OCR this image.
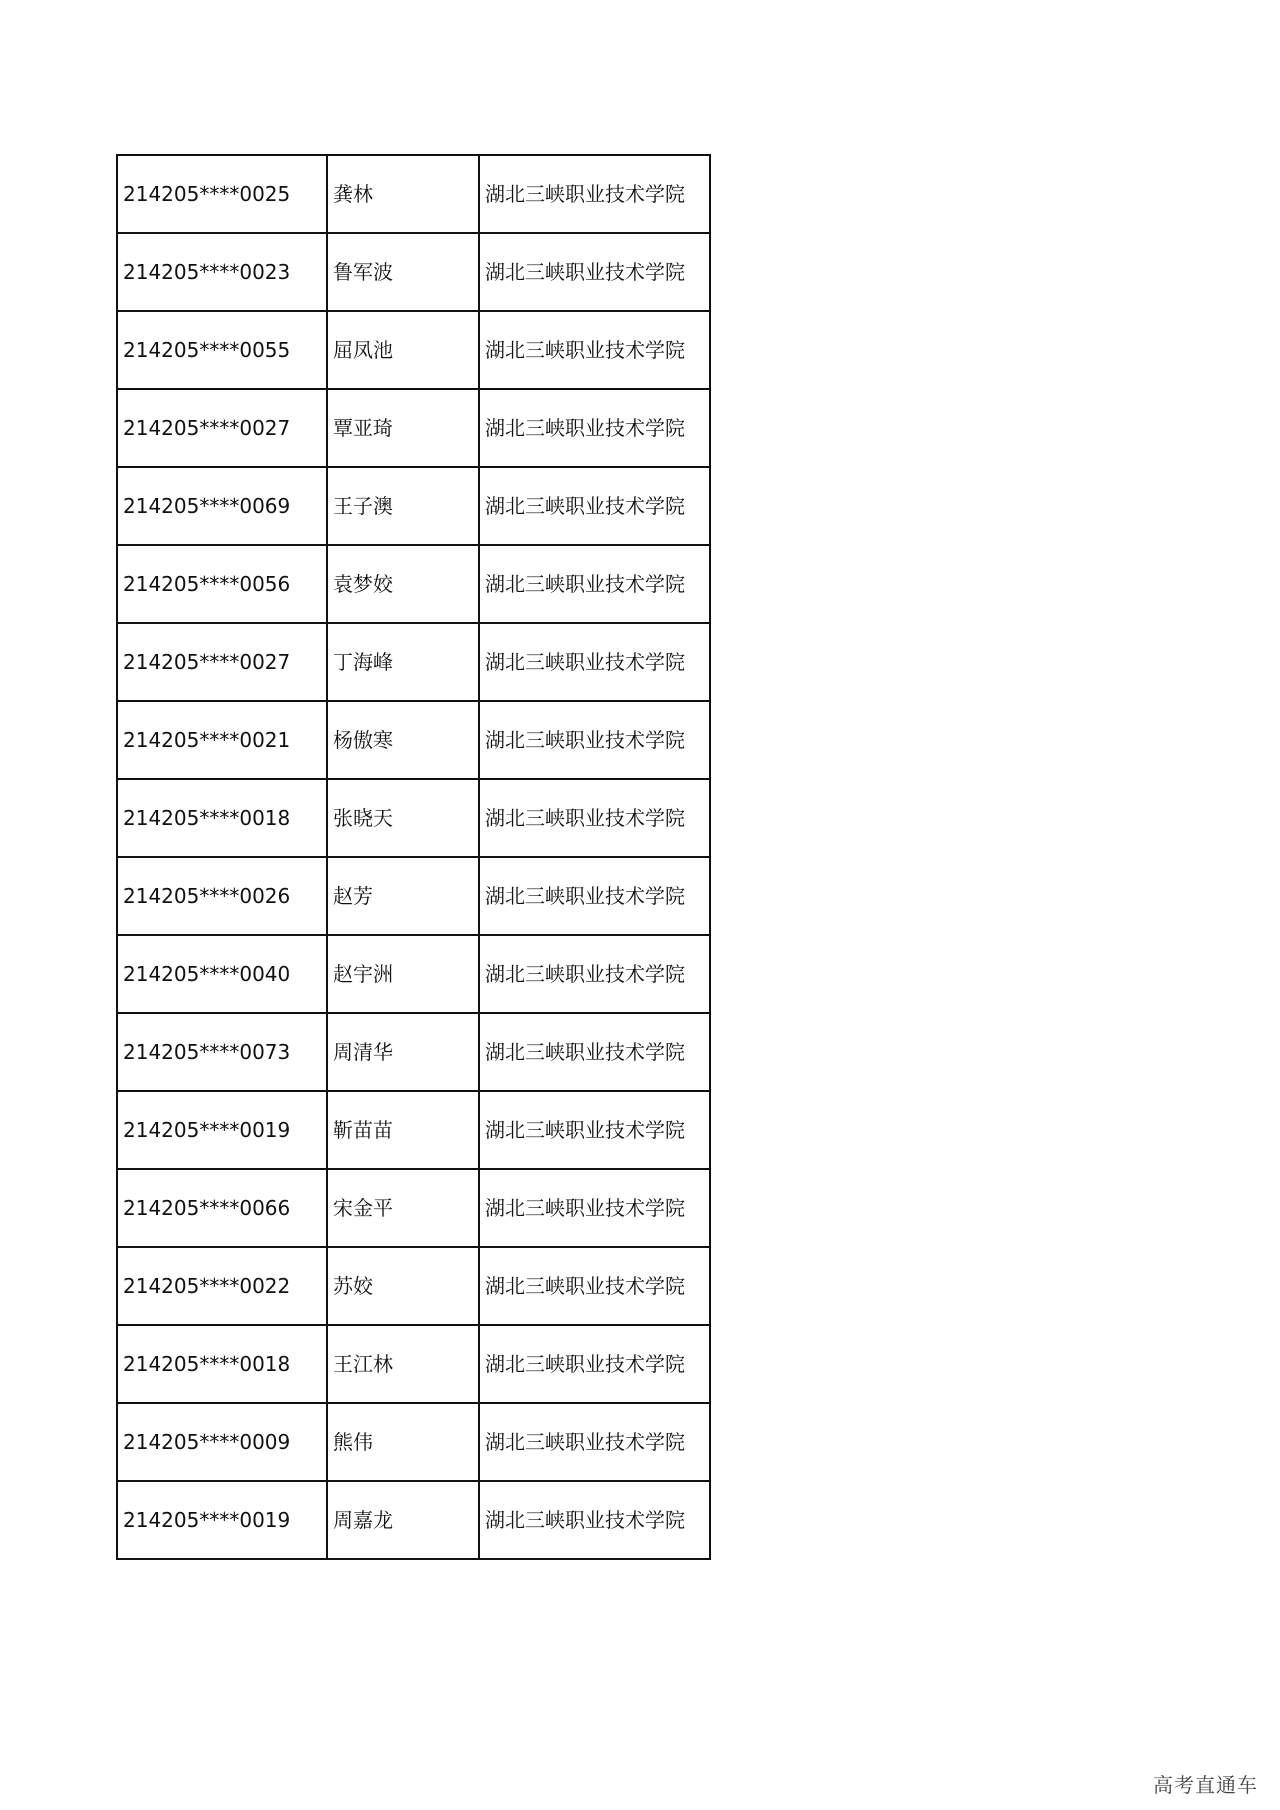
214205****0025	龚林	湖北三峡职业技术学院
214205****0023	鲁军波	湖北三峡职业技术学院
214205****0055	屈凤池	湖北三峡职业技术学院
214205****0027	覃亚琦	湖北三峡职业技术学院
214205****0069	王子澳	湖北三峡职业技术学院
214205****0056	袁梦姣	湖北三峡职业技术学院
214205****0027	丁海峰	湖北三峡职业技术学院
214205****0021	杨傲寒	湖北三峡职业技术学院
214205****0018	张晓天	湖北三峡职业技术学院
214205****0026	赵芳	湖北三峡职业技术学院
214205****0040	赵宇洲	湖北三峡职业技术学院
214205****0073	周清华	湖北三峡职业技术学院
214205****0019	靳苗苗	湖北三峡职业技术学院
214205****0066	宋金平	湖北三峡职业技术学院
214205****0022	苏姣	湖北三峡职业技术学院
214205****0018	王江林	湖北三峡职业技术学院
214205****0009	熊伟	湖北三峡职业技术学院
214205****0019	周嘉龙	湖北三峡职业技术学院
高考直通车
